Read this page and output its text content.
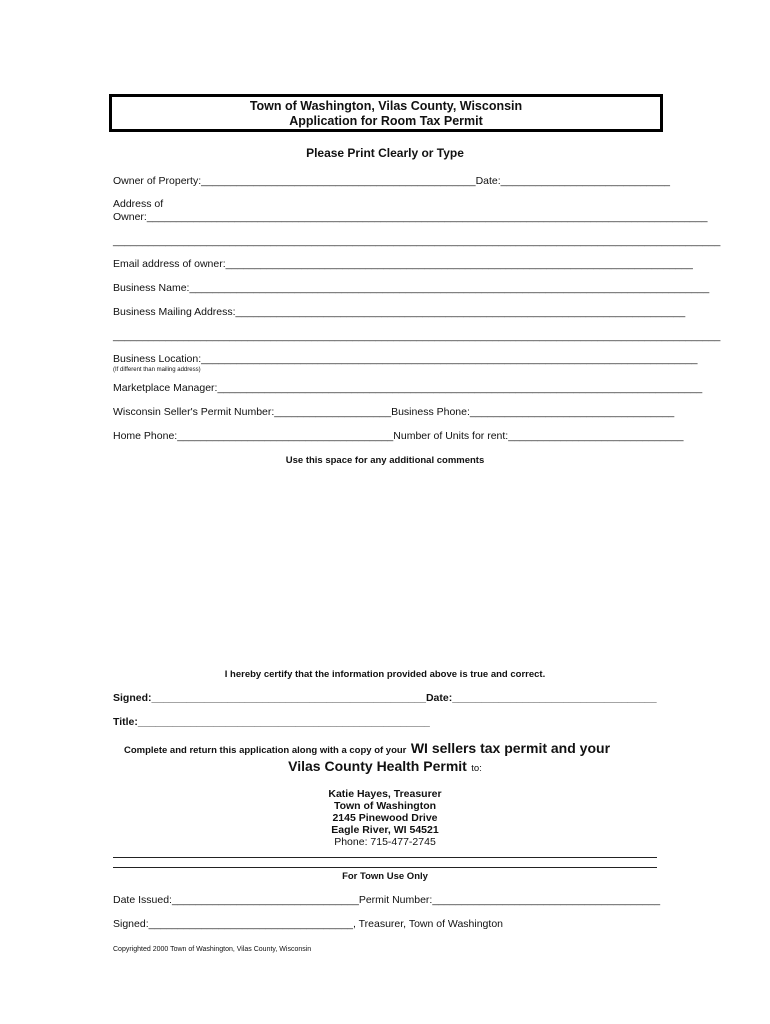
Town of Washington, Vilas County, Wisconsin
Application for Room Tax Permit
Please Print Clearly or Type
Owner of Property:_______________________________________________Date:_____________________________
Address of
Owner:________________________________________________________________________________________________
________________________________________________________________________________________________________
Email address of owner:________________________________________________________________________________
Business Name:_________________________________________________________________________________________
Business Mailing Address:_____________________________________________________________________________
________________________________________________________________________________________________________
Business Location:_____________________________________________________________________________________
(If different than mailing address)
Marketplace Manager:___________________________________________________________________________________
Wisconsin Seller's Permit Number:____________________Business Phone:___________________________________
Home Phone:_____________________________________Number of Units for rent:______________________________
Use this space for any additional comments
I hereby certify that the information provided above is true and correct.
Signed:_______________________________________________Date:___________________________________
Title:__________________________________________________
Complete and return this application along with a copy of your WI sellers tax permit and your
Vilas County Health Permit to:
Katie Hayes, Treasurer
Town of Washington
2145 Pinewood Drive
Eagle River, WI 54521
Phone: 715-477-2745
For Town Use Only
Date Issued:________________________________Permit Number:_______________________________________
Signed:___________________________________, Treasurer, Town of Washington
Copyrighted 2000 Town of Washington, Vilas County, Wisconsin
